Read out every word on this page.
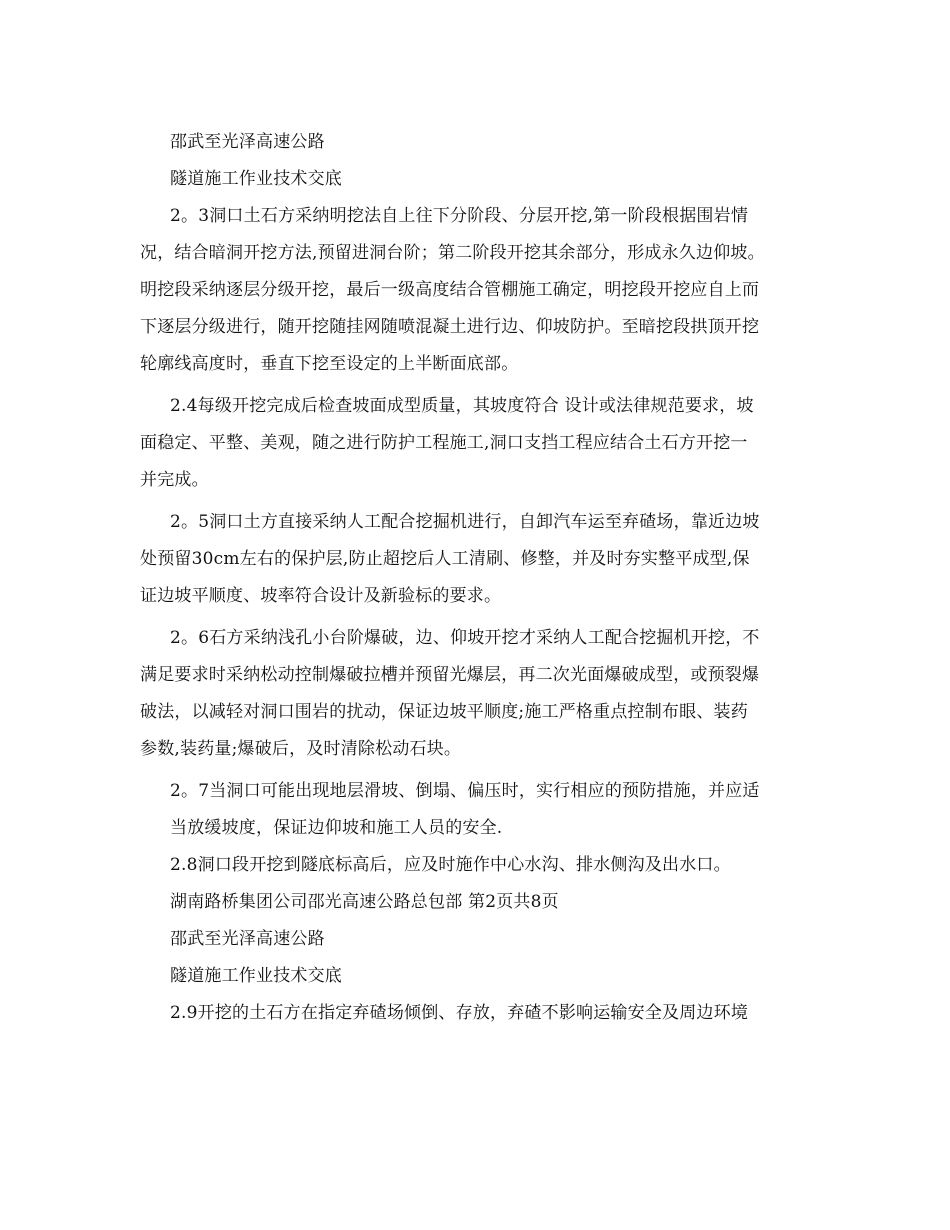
邵武至光泽高速公路
隧道施工作业技术交底
2。3洞口土石方采纳明挖法自上往下分阶段、分层开挖,第一阶段根据围岩情
况，结合暗洞开挖方法,预留进洞台阶；第二阶段开挖其余部分，形成永久边仰坡。
明挖段采纳逐层分级开挖，最后一级高度结合管棚施工确定，明挖段开挖应自上而
下逐层分级进行，随开挖随挂网随喷混凝土进行边、仰坡防护。至暗挖段拱顶开挖
轮廓线高度时，垂直下挖至设定的上半断面底部。
2.4每级开挖完成后检查坡面成型质量，其坡度符合 设计或法律规范要求，坡
面稳定、平整、美观，随之进行防护工程施工,洞口支挡工程应结合土石方开挖一
并完成。
2。5洞口土方直接采纳人工配合挖掘机进行，自卸汽车运至弃碴场，靠近边坡
处预留30cm左右的保护层,防止超挖后人工清刷、修整，并及时夯实整平成型,保
证边坡平顺度、坡率符合设计及新验标的要求。
2。6石方采纳浅孔小台阶爆破，边、仰坡开挖才采纳人工配合挖掘机开挖，不
满足要求时采纳松动控制爆破拉槽并预留光爆层，再二次光面爆破成型，或预裂爆
破法，以减轻对洞口围岩的扰动，保证边坡平顺度;施工严格重点控制布眼、装药
参数,装药量;爆破后，及时清除松动石块。
2。7当洞口可能出现地层滑坡、倒塌、偏压时，实行相应的预防措施，并应适
当放缓坡度，保证边仰坡和施工人员的安全.
2.8洞口段开挖到隧底标高后，应及时施作中心水沟、排水侧沟及出水口。
湖南路桥集团公司邵光高速公路总包部 第2页共8页
邵武至光泽高速公路
隧道施工作业技术交底
2.9开挖的土石方在指定弃碴场倾倒、存放，弃碴不影响运输安全及周边环境
